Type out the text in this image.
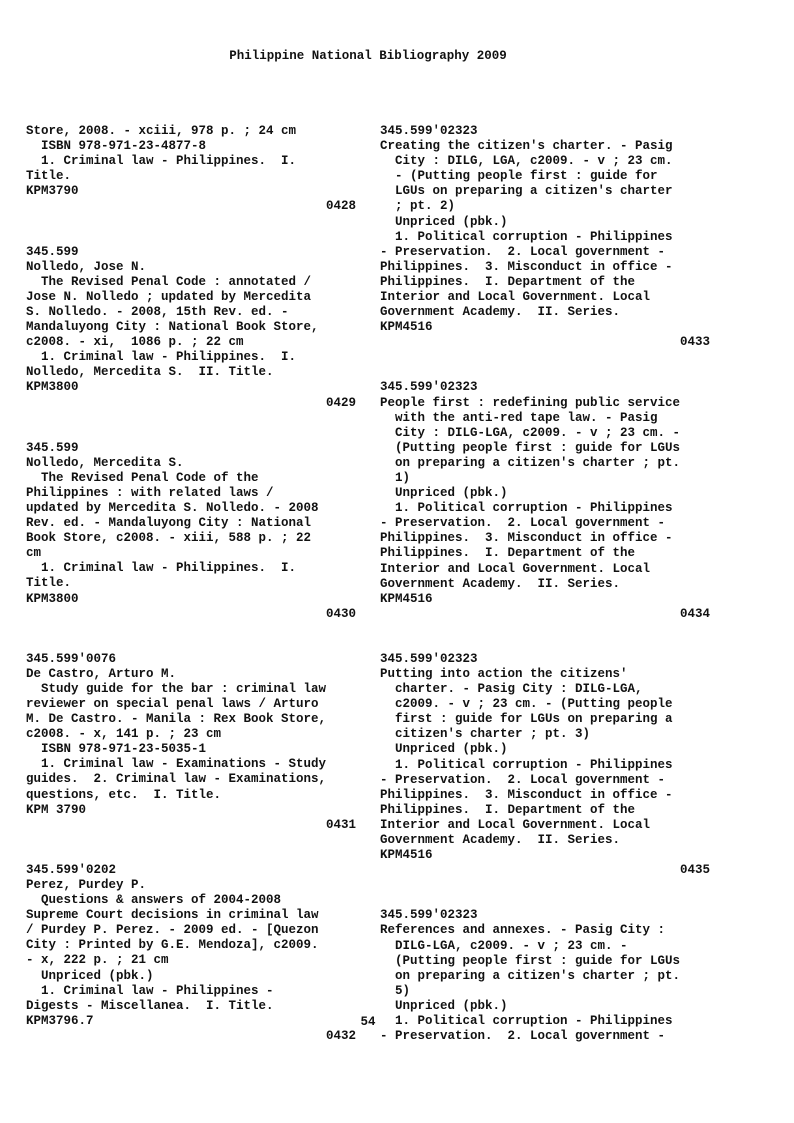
Philippine National Bibliography 2009
Store, 2008. - xciii, 978 p. ; 24 cm
ISBN 978-971-23-4877-8
1. Criminal law - Philippines.  I.
Title.
KPM3790
0428
345.599
Nolledo, Jose N.
The Revised Penal Code : annotated /
Jose N. Nolledo ; updated by Mercedita
S. Nolledo. - 2008, 15th Rev. ed. -
Mandaluyong City : National Book Store,
c2008. - xi,  1086 p. ; 22 cm
1. Criminal law - Philippines.  I.
Nolledo, Mercedita S.  II. Title.
KPM3800
0429
345.599
Nolledo, Mercedita S.
The Revised Penal Code of the
Philippines : with related laws /
updated by Mercedita S. Nolledo. - 2008
Rev. ed. - Mandaluyong City : National
Book Store, c2008. - xiii, 588 p. ; 22
cm
1. Criminal law - Philippines.  I.
Title.
KPM3800
0430
345.599'0076
De Castro, Arturo M.
Study guide for the bar : criminal law
reviewer on special penal laws / Arturo
M. De Castro. - Manila : Rex Book Store,
c2008. - x, 141 p. ; 23 cm
ISBN 978-971-23-5035-1
1. Criminal law - Examinations - Study
guides.  2. Criminal law - Examinations,
questions, etc.  I. Title.
KPM 3790
0431
345.599'0202
Perez, Purdey P.
Questions & answers of 2004-2008
Supreme Court decisions in criminal law
/ Purdey P. Perez. - 2009 ed. - [Quezon
City : Printed by G.E. Mendoza], c2009.
- x, 222 p. ; 21 cm
Unpriced (pbk.)
1. Criminal law - Philippines -
Digests - Miscellanea.  I. Title.
KPM3796.7
0432
345.599'02323
Creating the citizen's charter. - Pasig
City : DILG, LGA, c2009. - v ; 23 cm.
- (Putting people first : guide for
LGUs on preparing a citizen's charter
; pt. 2)
Unpriced (pbk.)
1. Political corruption - Philippines
- Preservation.  2. Local government -
Philippines.  3. Misconduct in office -
Philippines.  I. Department of the
Interior and Local Government. Local
Government Academy.  II. Series.
KPM4516
0433
345.599'02323
People first : redefining public service
with the anti-red tape law. - Pasig
City : DILG-LGA, c2009. - v ; 23 cm. -
(Putting people first : guide for LGUs
on preparing a citizen's charter ; pt.
1)
Unpriced (pbk.)
1. Political corruption - Philippines
- Preservation.  2. Local government -
Philippines.  3. Misconduct in office -
Philippines.  I. Department of the
Interior and Local Government. Local
Government Academy.  II. Series.
KPM4516
0434
345.599'02323
Putting into action the citizens'
charter. - Pasig City : DILG-LGA,
c2009. - v ; 23 cm. - (Putting people
first : guide for LGUs on preparing a
citizen's charter ; pt. 3)
Unpriced (pbk.)
1. Political corruption - Philippines
- Preservation.  2. Local government -
Philippines.  3. Misconduct in office -
Philippines.  I. Department of the
Interior and Local Government. Local
Government Academy.  II. Series.
KPM4516
0435
345.599'02323
References and annexes. - Pasig City :
DILG-LGA, c2009. - v ; 23 cm. -
(Putting people first : guide for LGUs
on preparing a citizen's charter ; pt.
5)
Unpriced (pbk.)
1. Political corruption - Philippines
- Preservation.  2. Local government -
54
